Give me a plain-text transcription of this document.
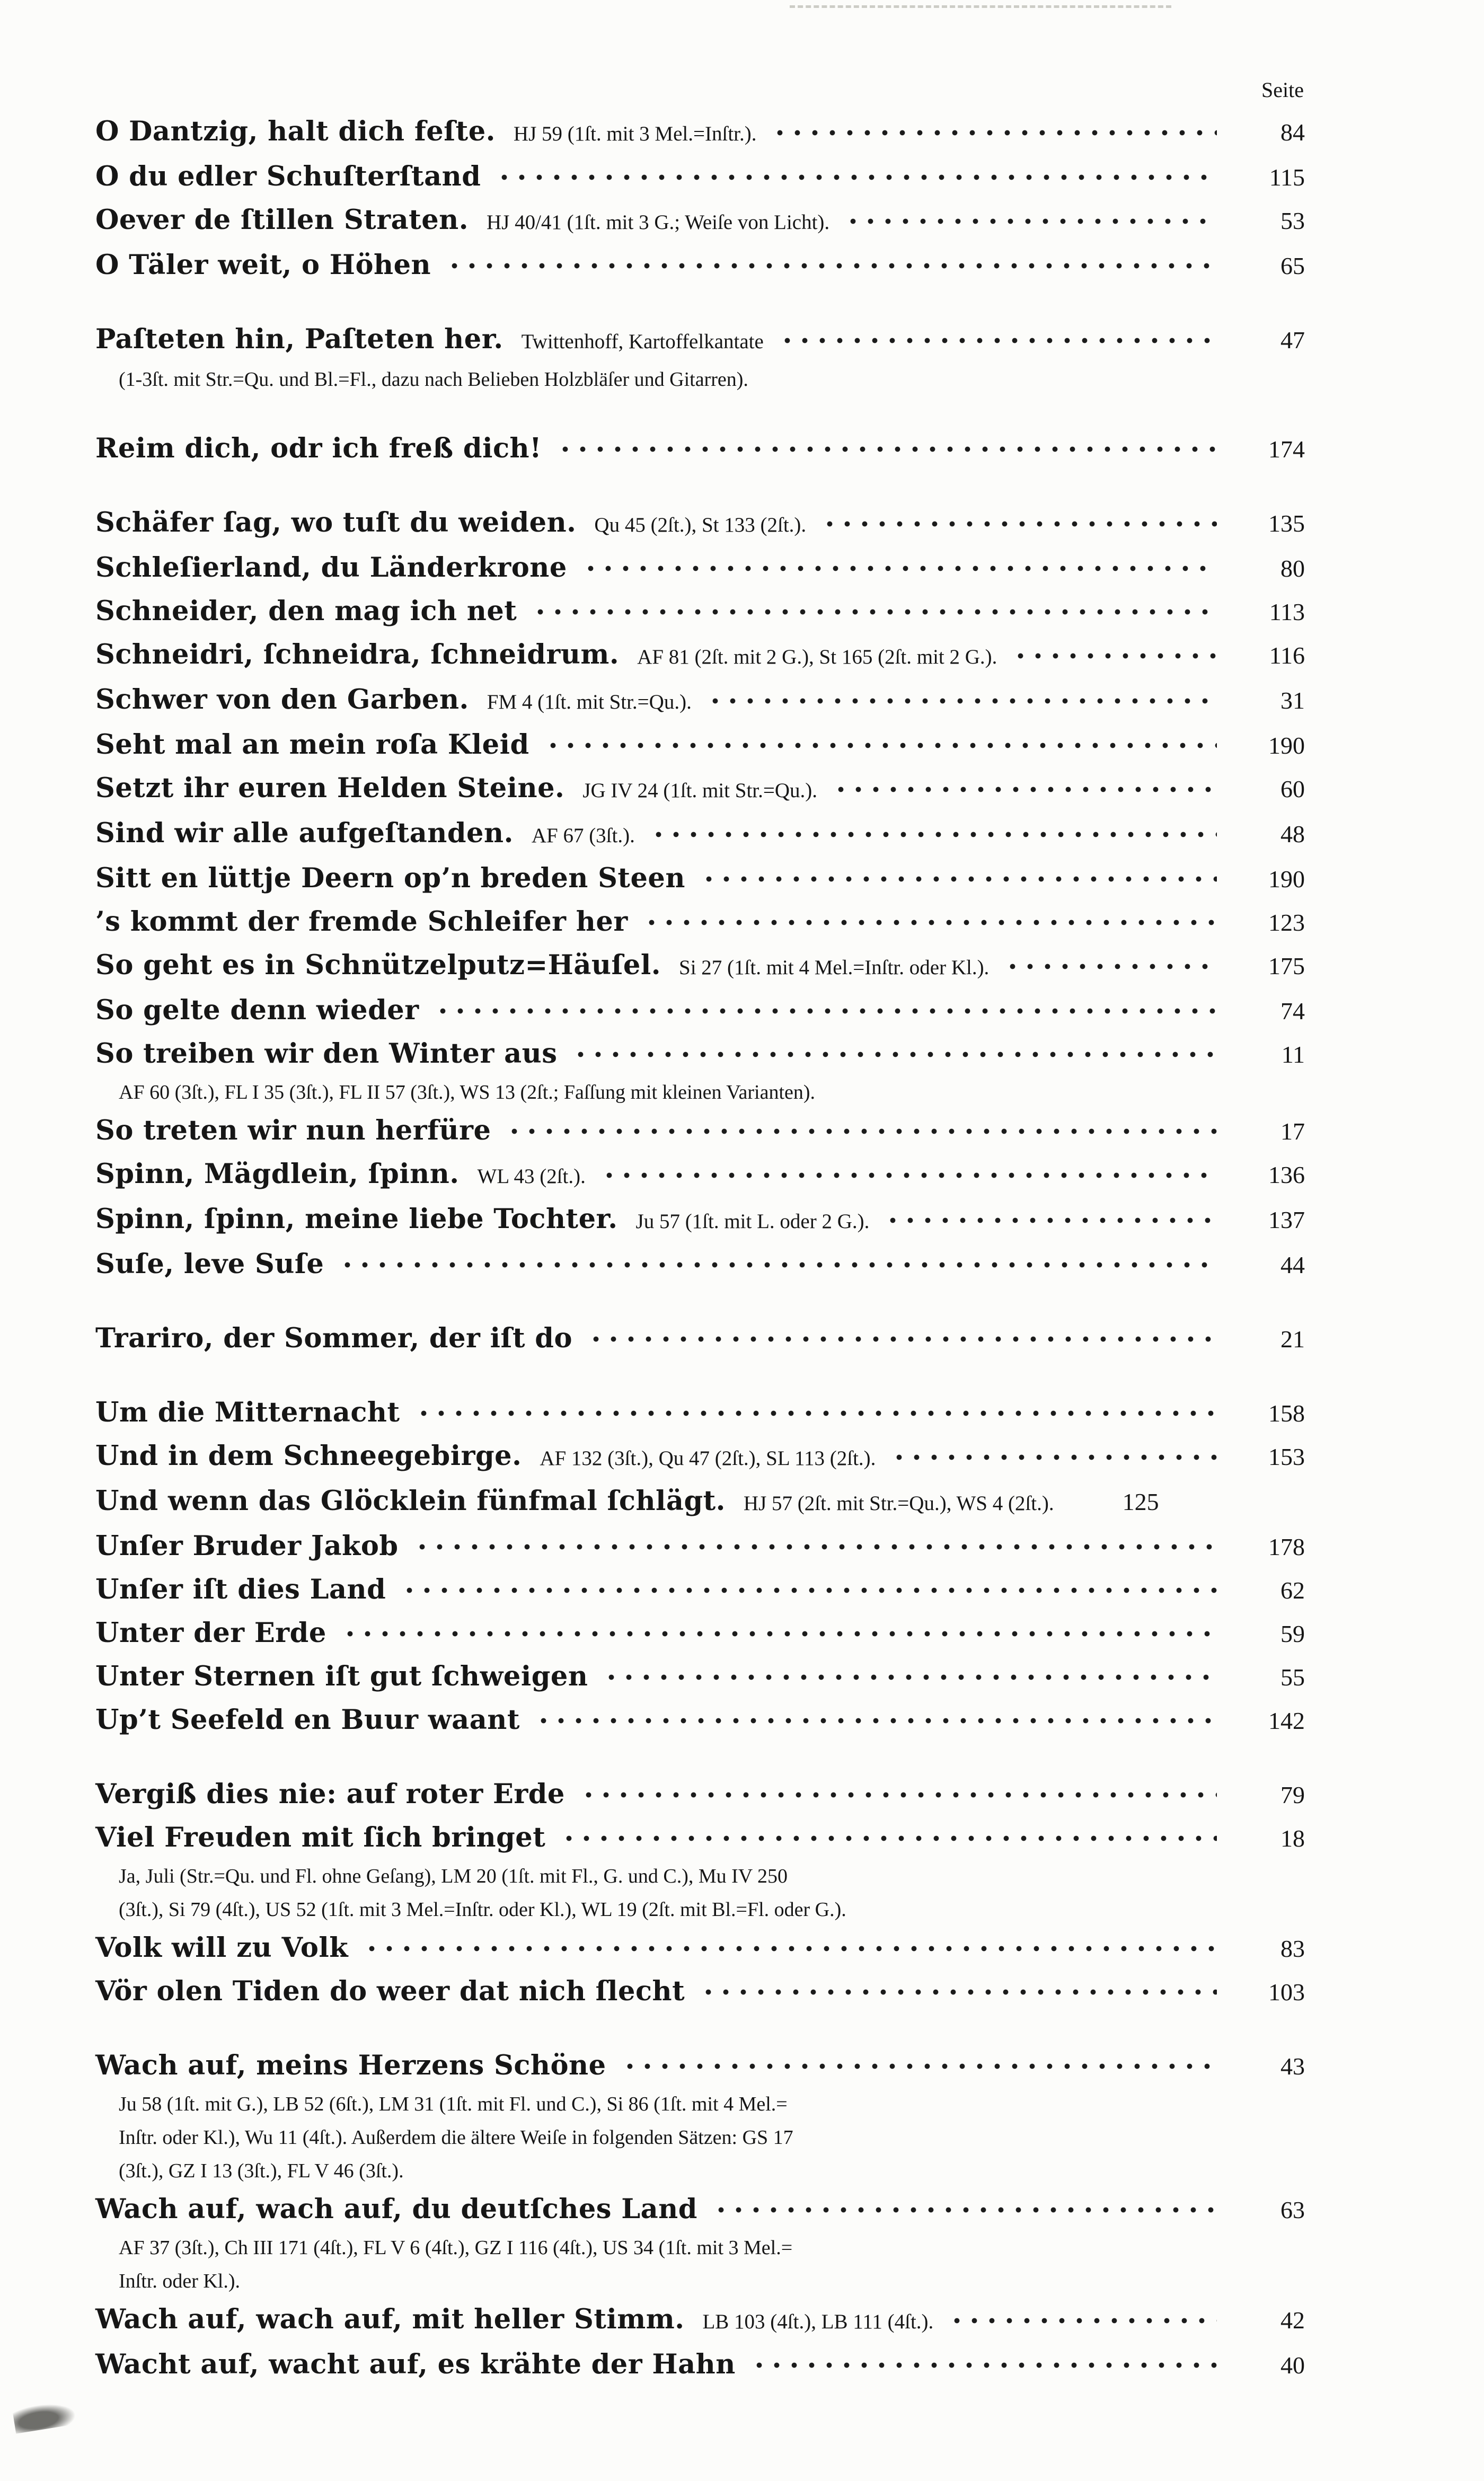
Seite
O Dantzig, halt dich feſte. HJ 59 (1ſt. mit 3 Mel.=Inſtr.).	84
O du edler Schuſterſtand	115
Oever de ſtillen Straten. HJ 40/41 (1ſt. mit 3 G.; Weiſe von Licht).	53
O Täler weit, o Höhen	65
Paſteten hin, Paſteten her. Twittenhoff, Kartoffelkantate	47
(1-3ſt. mit Str.=Qu. und Bl.=Fl., dazu nach Belieben Holzbläſer und Gitarren).
Reim dich, odr ich freß dich!	174
Schäfer ſag, wo tuſt du weiden. Qu 45 (2ſt.), St 133 (2ſt.).	135
Schleſierland, du Länderkrone	80
Schneider, den mag ich net	113
Schneidri, ſchneidra, ſchneidrum. AF 81 (2ſt. mit 2 G.), St 165 (2ſt. mit 2 G.).	116
Schwer von den Garben. FM 4 (1ſt. mit Str.=Qu.).	31
Seht mal an mein roſa Kleid	190
Setzt ihr euren Helden Steine. JG IV 24 (1ſt. mit Str.=Qu.).	60
Sind wir alle aufgeſtanden. AF 67 (3ſt.).	48
Sitt en lüttje Deern op’n breden Steen	190
’s kommt der fremde Schleifer her	123
So geht es in Schnützelputz=Häuſel. Si 27 (1ſt. mit 4 Mel.=Inſtr. oder Kl.).	175
So gelte denn wieder	74
So treiben wir den Winter aus	11
AF 60 (3ſt.), FL I 35 (3ſt.), FL II 57 (3ſt.), WS 13 (2ſt.; Faſſung mit kleinen Varianten).
So treten wir nun herfüre	17
Spinn, Mägdlein, ſpinn. WL 43 (2ſt.).	136
Spinn, ſpinn, meine liebe Tochter. Ju 57 (1ſt. mit L. oder 2 G.).	137
Suſe, leve Suſe	44
Trariro, der Sommer, der iſt do	21
Um die Mitternacht	158
Und in dem Schneegebirge. AF 132 (3ſt.), Qu 47 (2ſt.), SL 113 (2ſt.).	153
Und wenn das Glöcklein fünfmal ſchlägt. HJ 57 (2ſt. mit Str.=Qu.), WS 4 (2ſt.).	125
Unſer Bruder Jakob	178
Unſer iſt dies Land	62
Unter der Erde	59
Unter Sternen iſt gut ſchweigen	55
Up’t Seefeld en Buur waant	142
Vergiß dies nie: auf roter Erde	79
Viel Freuden mit ſich bringet	18
Ja, Juli (Str.=Qu. und Fl. ohne Geſang), LM 20 (1ſt. mit Fl., G. und C.), Mu IV 250
(3ſt.), Si 79 (4ſt.), US 52 (1ſt. mit 3 Mel.=Inſtr. oder Kl.), WL 19 (2ſt. mit Bl.=Fl. oder G.).
Volk will zu Volk	83
Vör olen Tiden do weer dat nich ſlecht	103
Wach auf, meins Herzens Schöne	43
Ju 58 (1ſt. mit G.), LB 52 (6ſt.), LM 31 (1ſt. mit Fl. und C.), Si 86 (1ſt. mit 4 Mel.=
Inſtr. oder Kl.), Wu 11 (4ſt.). Außerdem die ältere Weiſe in folgenden Sätzen: GS 17
(3ſt.), GZ I 13 (3ſt.), FL V 46 (3ſt.).
Wach auf, wach auf, du deutſches Land	63
AF 37 (3ſt.), Ch III 171 (4ſt.), FL V 6 (4ſt.), GZ I 116 (4ſt.), US 34 (1ſt. mit 3 Mel.=
Inſtr. oder Kl.).
Wach auf, wach auf, mit heller Stimm. LB 103 (4ſt.), LB 111 (4ſt.).	42
Wacht auf, wacht auf, es krähte der Hahn	40
